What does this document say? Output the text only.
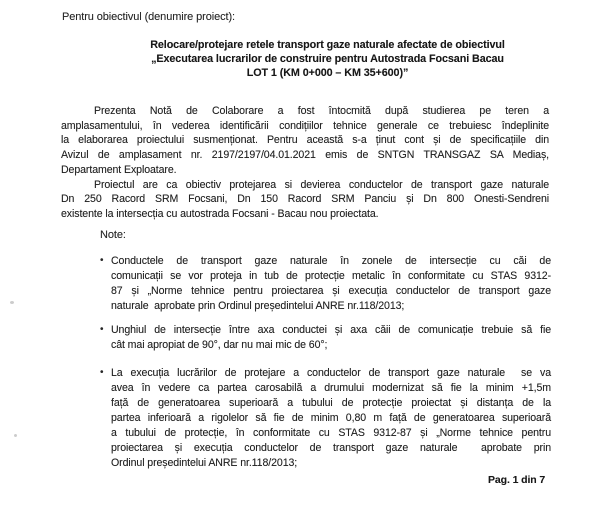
Pentru obiectivul (denumire proiect):
Relocare/protejare retele transport gaze naturale afectate de obiectivul
„Executarea lucrarilor de construire pentru Autostrada Focsani Bacau
LOT 1 (KM 0+000 – KM 35+600)”
Prezenta Notă de Colaborare a fost întocmită după studierea pe teren a
amplasamentului, în vederea identificării condițiilor tehnice generale ce trebuiesc îndeplinite
la elaborarea proiectului susmenționat. Pentru această s-a ținut cont și de specificațiile din
Avizul de amplasament nr. 2197/2197/04.01.2021 emis de SNTGN TRANSGAZ SA Mediaș,
Departament Exploatare.
Proiectul are ca obiectiv protejarea si devierea conductelor de transport gaze naturale
Dn 250 Racord SRM Focsani, Dn 150 Racord SRM Panciu și Dn 800 Onesti-Sendreni
existente la intersecția cu autostrada Focsani - Bacau nou proiectata.
Note:
• Conductele de transport gaze naturale în zonele de intersecție cu căi de
comunicații se vor proteja in tub de protecție metalic în conformitate cu STAS 9312-
87 și „Norme tehnice pentru proiectarea și execuția conductelor de transport gaze
naturale  aprobate prin Ordinul președintelui ANRE nr.118/2013;
• Unghiul de intersecție între axa conductei și axa căii de comunicație trebuie să fie
cât mai apropiat de 90°, dar nu mai mic de 60°;
• La execuția lucrărilor de protejare a conductelor de transport gaze naturale  se va
avea în vedere ca partea carosabilă a drumului modernizat să fie la minim +1,5m
față de generatoarea superioară a tubului de protecție proiectat și distanța de la
partea inferioară a rigolelor să fie de minim 0,80 m față de generatoarea superioară
a tubului de protecție, în conformitate cu STAS 9312-87 și „Norme tehnice pentru
proiectarea și execuția conductelor de transport gaze naturale  aprobate prin
Ordinul președintelui ANRE nr.118/2013;
Pag. 1 din 7
